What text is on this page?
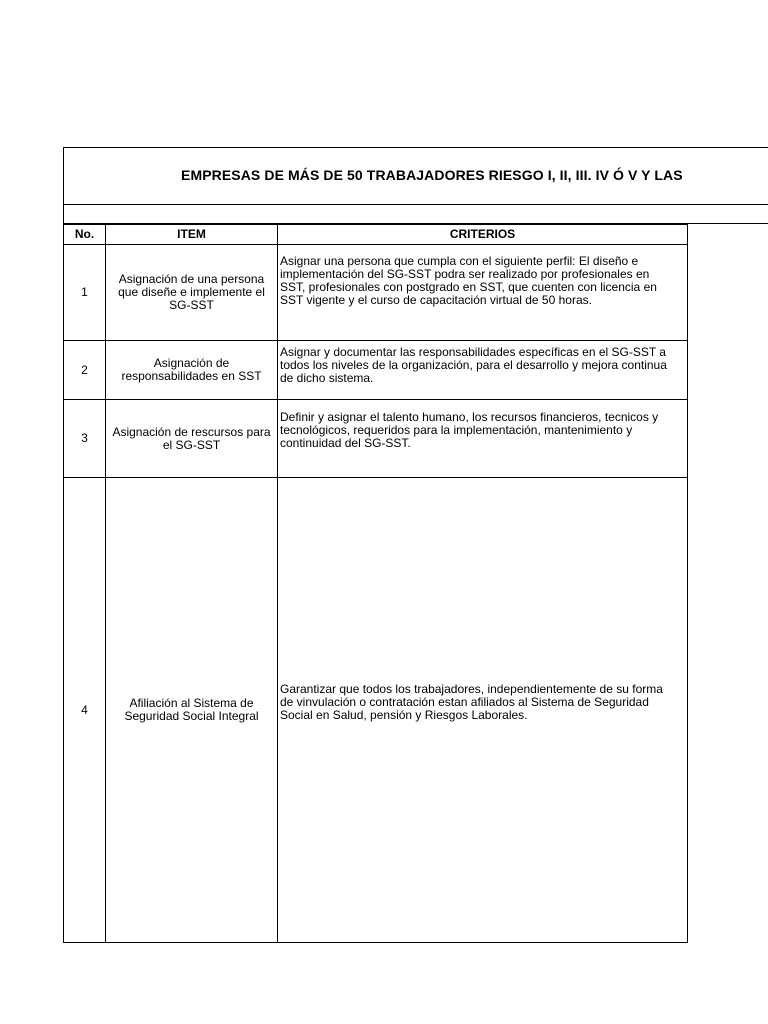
EMPRESAS DE MÁS DE 50 TRABAJADORES RIESGO I, II, III. IV Ó V Y LAS
No.	ITEM	CRITERIOS
1	Asignación de una persona que diseñe e implemente el SG-SST	Asignar una persona que cumpla con el siguiente perfil: El diseño e
implementación del SG-SST podra ser realizado por profesionales en
SST, profesionales con postgrado en SST, que cuenten con licencia en
SST vigente y el curso de capacitación virtual de 50 horas.

2	Asignación de responsabilidades en SST	Asignar y documentar las responsabilidades específicas en el SG-SST a
todos los niveles de la organización, para el desarrollo y mejora continua
de dicho sistema.

3	Asignación de rescursos para el SG-SST	Definir y asignar el talento humano, los recursos financieros, tecnicos y
tecnológicos, requeridos para la implementación, mantenimiento y
continuidad del SG-SST.

4	Afiliación al Sistema de Seguridad Social Integral	Garantizar que todos los trabajadores, independientemente de su forma
de vinvulación o contratación estan afiliados al Sistema de Seguridad
Social en Salud, pensión y Riesgos Laborales.
